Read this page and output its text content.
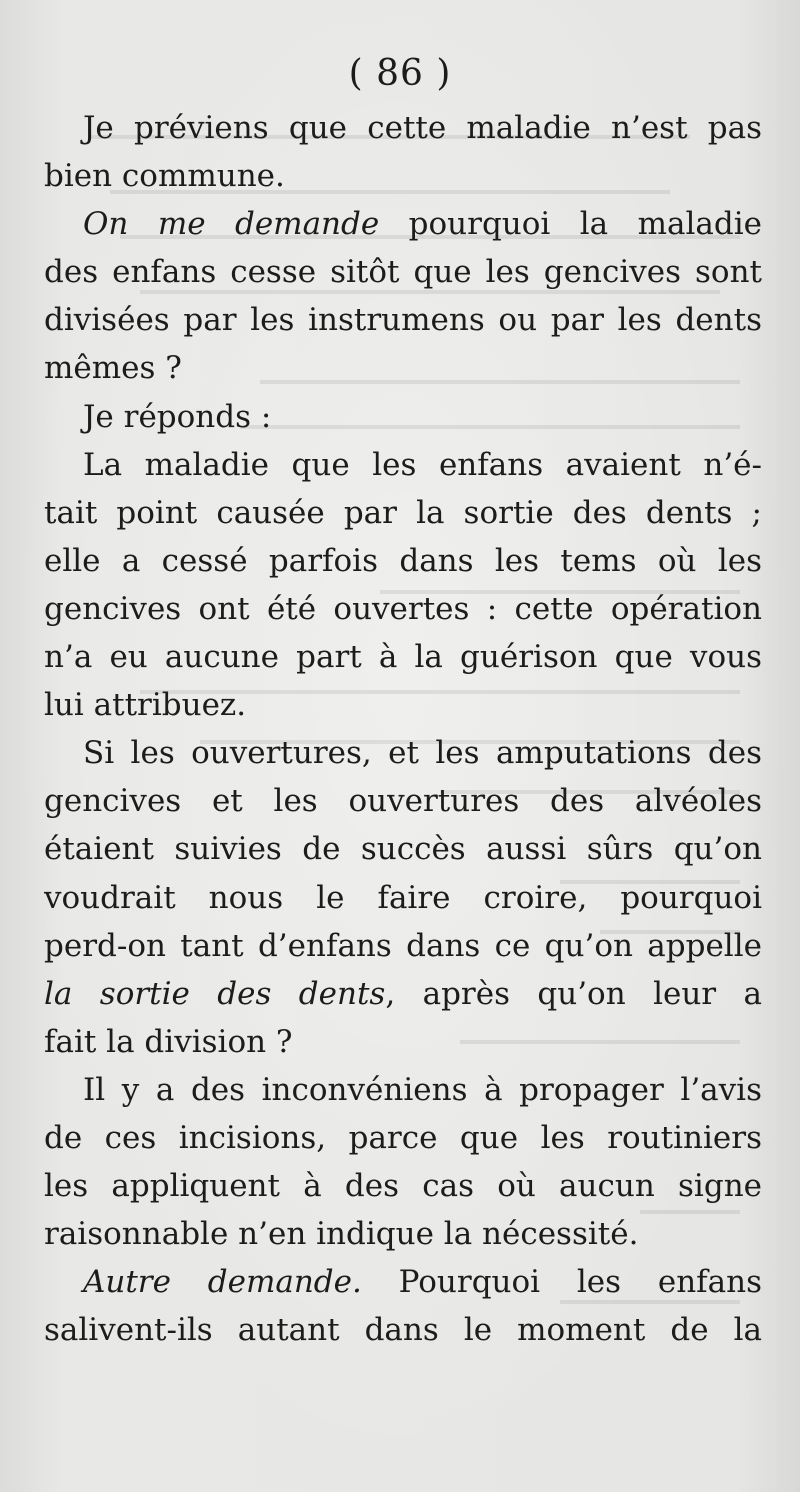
( 86 )
Je préviens que cette maladie n’est pas
bien commune.
On me demande pourquoi la maladie
des enfans cesse sitôt que les gencives sont
divisées par les instrumens ou par les dents
mêmes ?
Je réponds :
La maladie que les enfans avaient n’é-
tait point causée par la sortie des dents ;
elle a cessé parfois dans les tems où les
gencives ont été ouvertes : cette opération
n’a eu aucune part à la guérison que vous
lui attribuez.
Si les ouvertures, et les amputations des
gencives et les ouvertures des alvéoles
étaient suivies de succès aussi sûrs qu’on
voudrait nous le faire croire, pourquoi
perd-on tant d’enfans dans ce qu’on appelle
la sortie des dents, après qu’on leur a
fait la division ?
Il y a des inconvéniens à propager l’avis
de ces incisions, parce que les routiniers
les appliquent à des cas où aucun signe
raisonnable n’en indique la nécessité.
Autre demande. Pourquoi les enfans
salivent-ils autant dans le moment de la
